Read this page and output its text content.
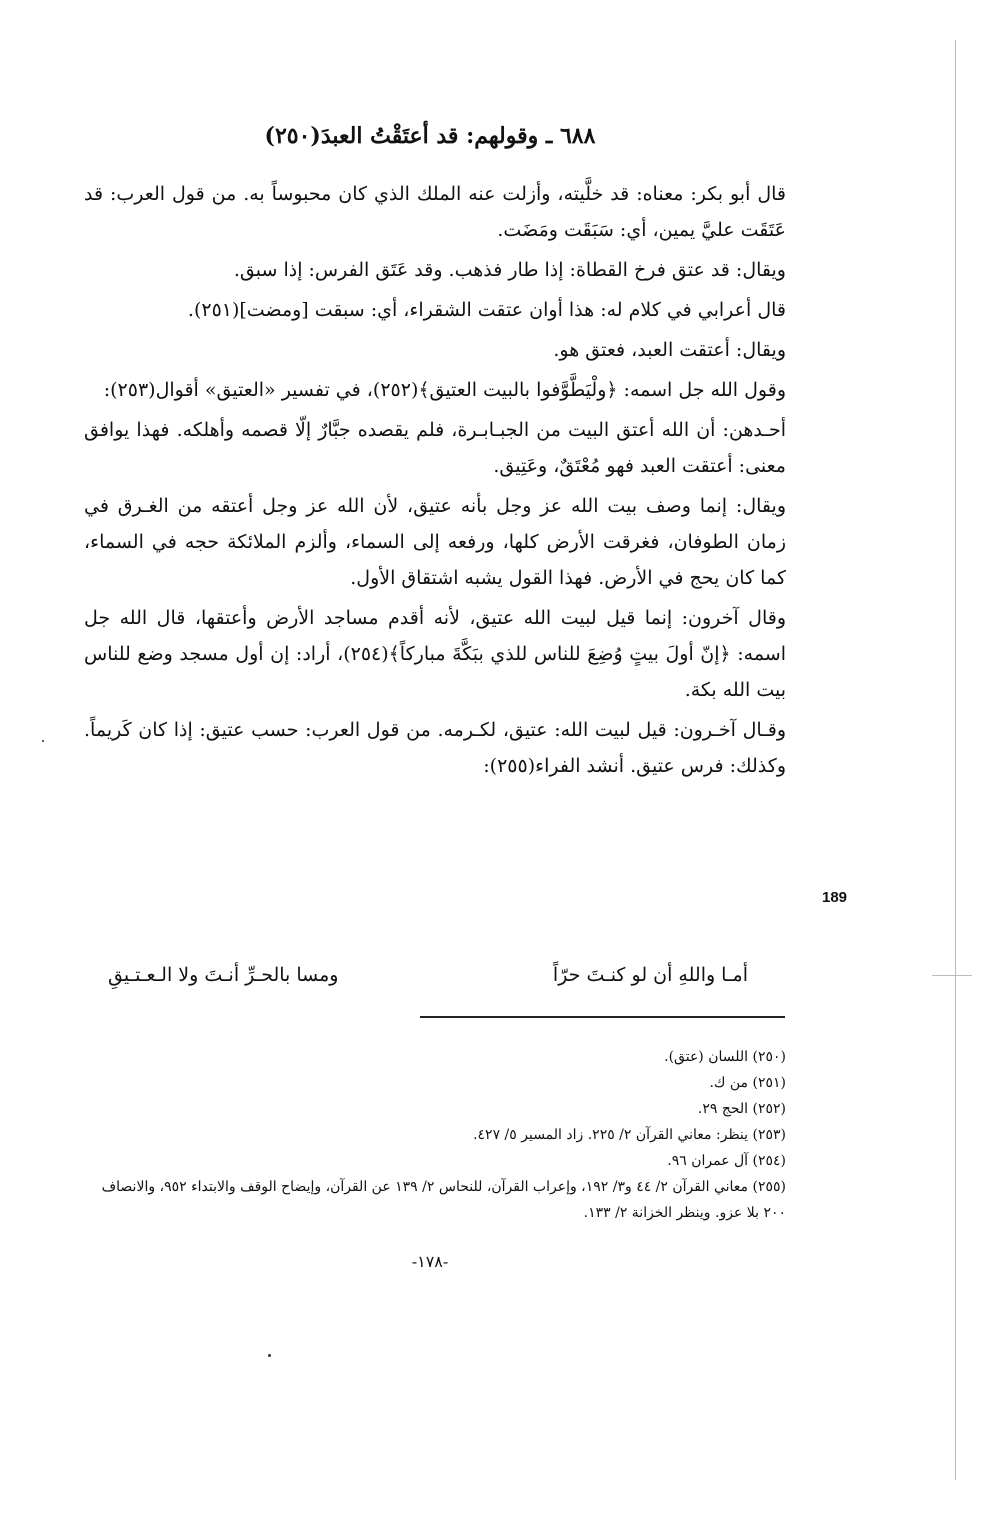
٦٨٨ ـ وقولهم: قد أعتَقْتُ العبدَ(٢٥٠)

قال أبو بكر: معناه: قد خلَّيته، وأزلت عنه الملك الذي كان محبوساً به. من قول العرب: قد عَتَقَت عليَّ يمين، أي: سَبَقَت ومَضَت.

ويقال: قد عتق فرخ القطاة: إذا طار فذهب. وقد عَتَق الفرس: إذا سبق.

قال أعرابي في كلام له: هذا أوان عتقت الشقراء، أي: سبقت [ومضت](٢٥١).

ويقال: أعتقت العبد، فعتق هو.

وقول الله جل اسمه: ﴿ولْيَطَّوَّفوا بالبيت العتيق﴾(٢٥٢)، في تفسير «العتيق» أقوال(٢٥٣):

أحـدهن: أن الله أعتق البيت من الجبـابـرة، فلم يقصده جبَّارٌ إلّا قصمه وأهلكه. فهذا يوافق معنى: أعتقت العبد فهو مُعْتَقٌ، وعَتِيق.

ويقال: إنما وصف بيت الله عز وجل بأنه عتيق، لأن الله عز وجل أعتقه من الغـرق في زمان الطوفان، فغرقت الأرض كلها، ورفعه إلى السماء، وألزم الملائكة حجه في السماء، كما كان يحج في الأرض. فهذا القول يشبه اشتقاق الأول.

وقال آخرون: إنما قيل لبيت الله عتيق، لأنه أقدم مساجد الأرض وأعتقها، قال الله جل اسمه: ﴿إنّ أولَ بيتٍ وُضِعَ للناس للذي ببَكَّةَ مباركاً﴾(٢٥٤)، أراد: إن أول مسجد وضع للناس بيت الله بكة.

وقـال آخـرون: قيل لبيت الله: عتيق، لكـرمه. من قول العرب: حسب عتيق: إذا كان كَريماً. وكذلك: فرس عتيق. أنشد الفراء(٢٥٥):

أمـا واللهِ أن لو كنـتَ حرّاً
ومسا بالحـرِّ أنـتَ ولا الـعـتـيقِ
189

(٢٥٠) اللسان (عتق).

(٢٥١) من ك.

(٢٥٢) الحج ٢٩.

(٢٥٣) ينظر: معاني القرآن ٢/ ٢٢٥. زاد المسير ٥/ ٤٢٧.

(٢٥٤) آل عمران ٩٦.

(٢٥٥) معاني القرآن ٢/ ٤٤ و٣/ ١٩٢، وإعراب القرآن، للنحاس ٢/ ١٣٩ عن القرآن، وإيضاح الوقف والابتداء ٩٥٢، والانصاف ٢٠٠ بلا عزو. وينظر الخزانة ٢/ ١٣٣.

-١٧٨-
